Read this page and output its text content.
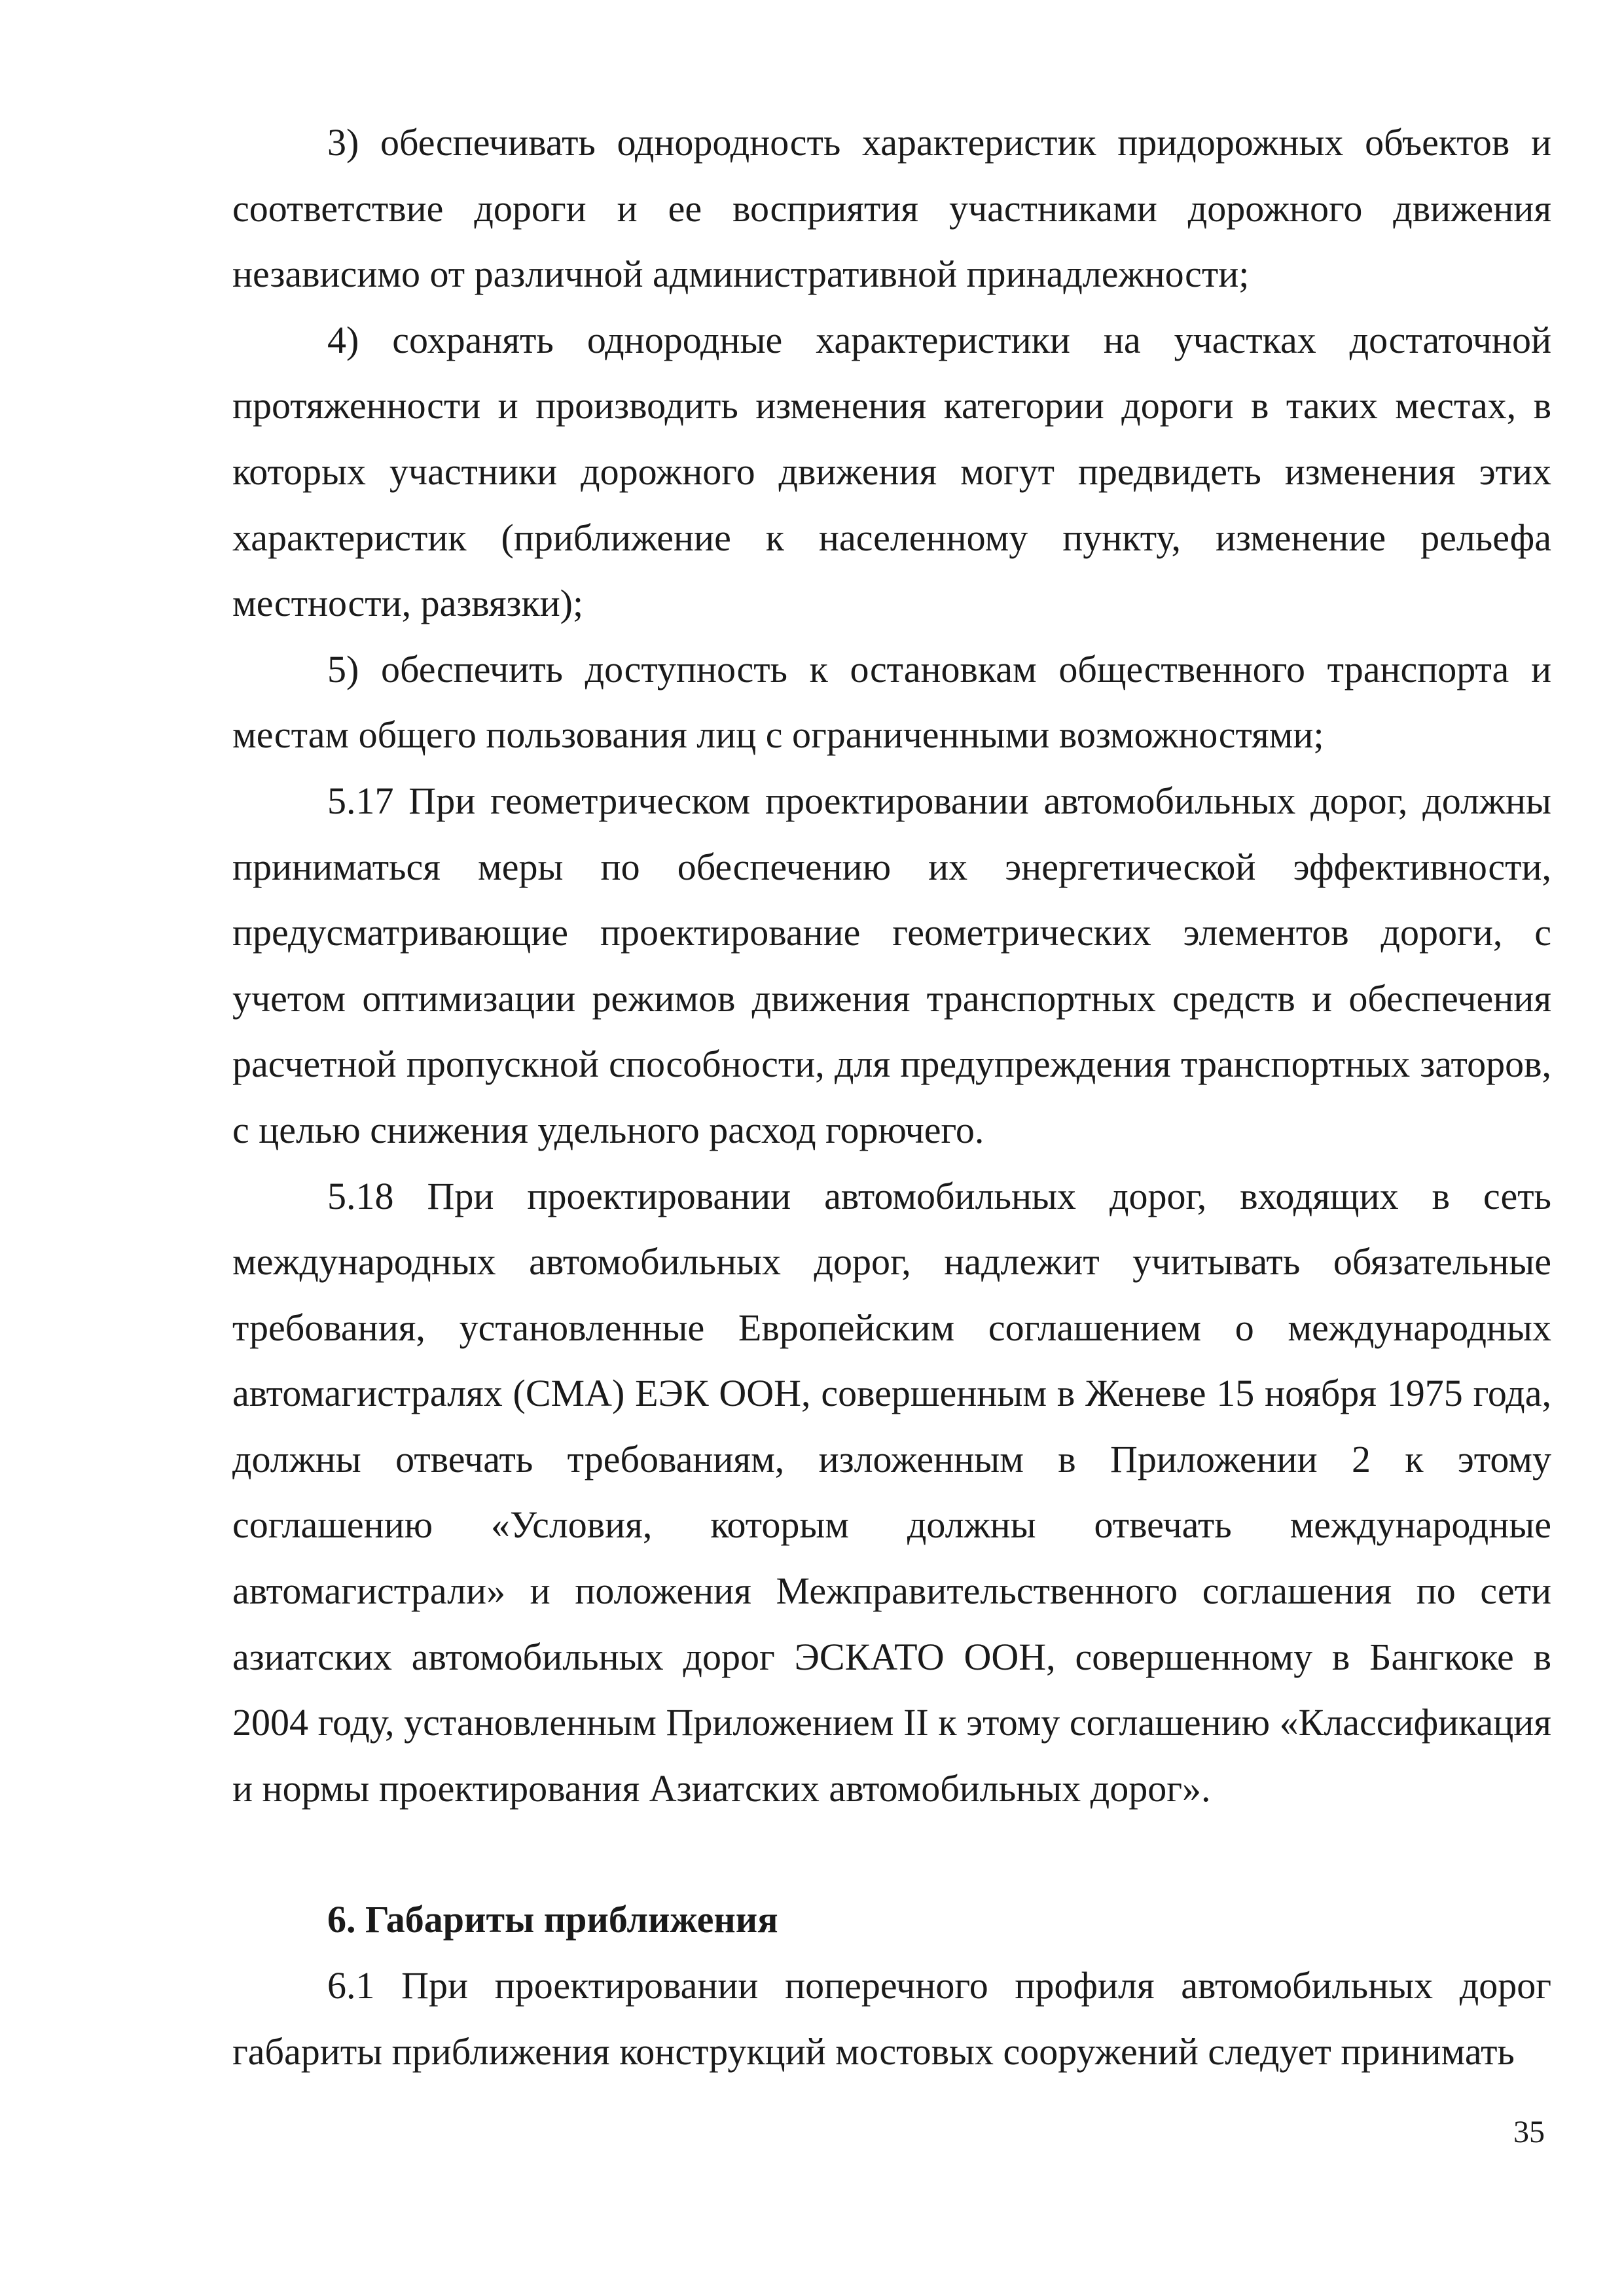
3) обеспечивать однородность характеристик придорожных объектов и соответствие дороги и ее восприятия участниками дорожного движения независимо от различной административной принадлежности;

4) сохранять однородные характеристики на участках достаточной протяженности и производить изменения категории дороги в таких местах, в которых участники дорожного движения могут предвидеть изменения этих характеристик (приближение к населенному пункту, изменение рельефа местности, развязки);

5) обеспечить доступность к остановкам общественного транспорта и местам общего пользования лиц с ограниченными возможностями;

5.17 При геометрическом проектировании автомобильных дорог, должны приниматься меры по обеспечению их энергетической эффективности, предусматривающие проектирование геометрических элементов дороги, с учетом оптимизации режимов движения транспортных средств и обеспечения расчетной пропускной способности, для предупреждения транспортных заторов, с целью снижения удельного расход горючего.

5.18 При проектировании автомобильных дорог, входящих в сеть международных автомобильных дорог, надлежит учитывать обязательные требования, установленные Европейским соглашением о международных автомагистралях (СМА) ЕЭК ООН, совершенным в Женеве 15 ноября 1975 года, должны отвечать требованиям, изложенным в Приложении 2 к этому соглашению «Условия, которым должны отвечать международные автомагистрали» и положения Межправительственного соглашения по сети азиатских автомобильных дорог ЭСКАТО ООН, совершенному в Бангкоке в 2004 году, установленным Приложением II к этому соглашению «Классификация и нормы проектирования Азиатских автомобильных дорог».

6. Габариты приближения

6.1 При проектировании поперечного профиля автомобильных дорог габариты приближения конструкций мостовых сооружений следует принимать

35
